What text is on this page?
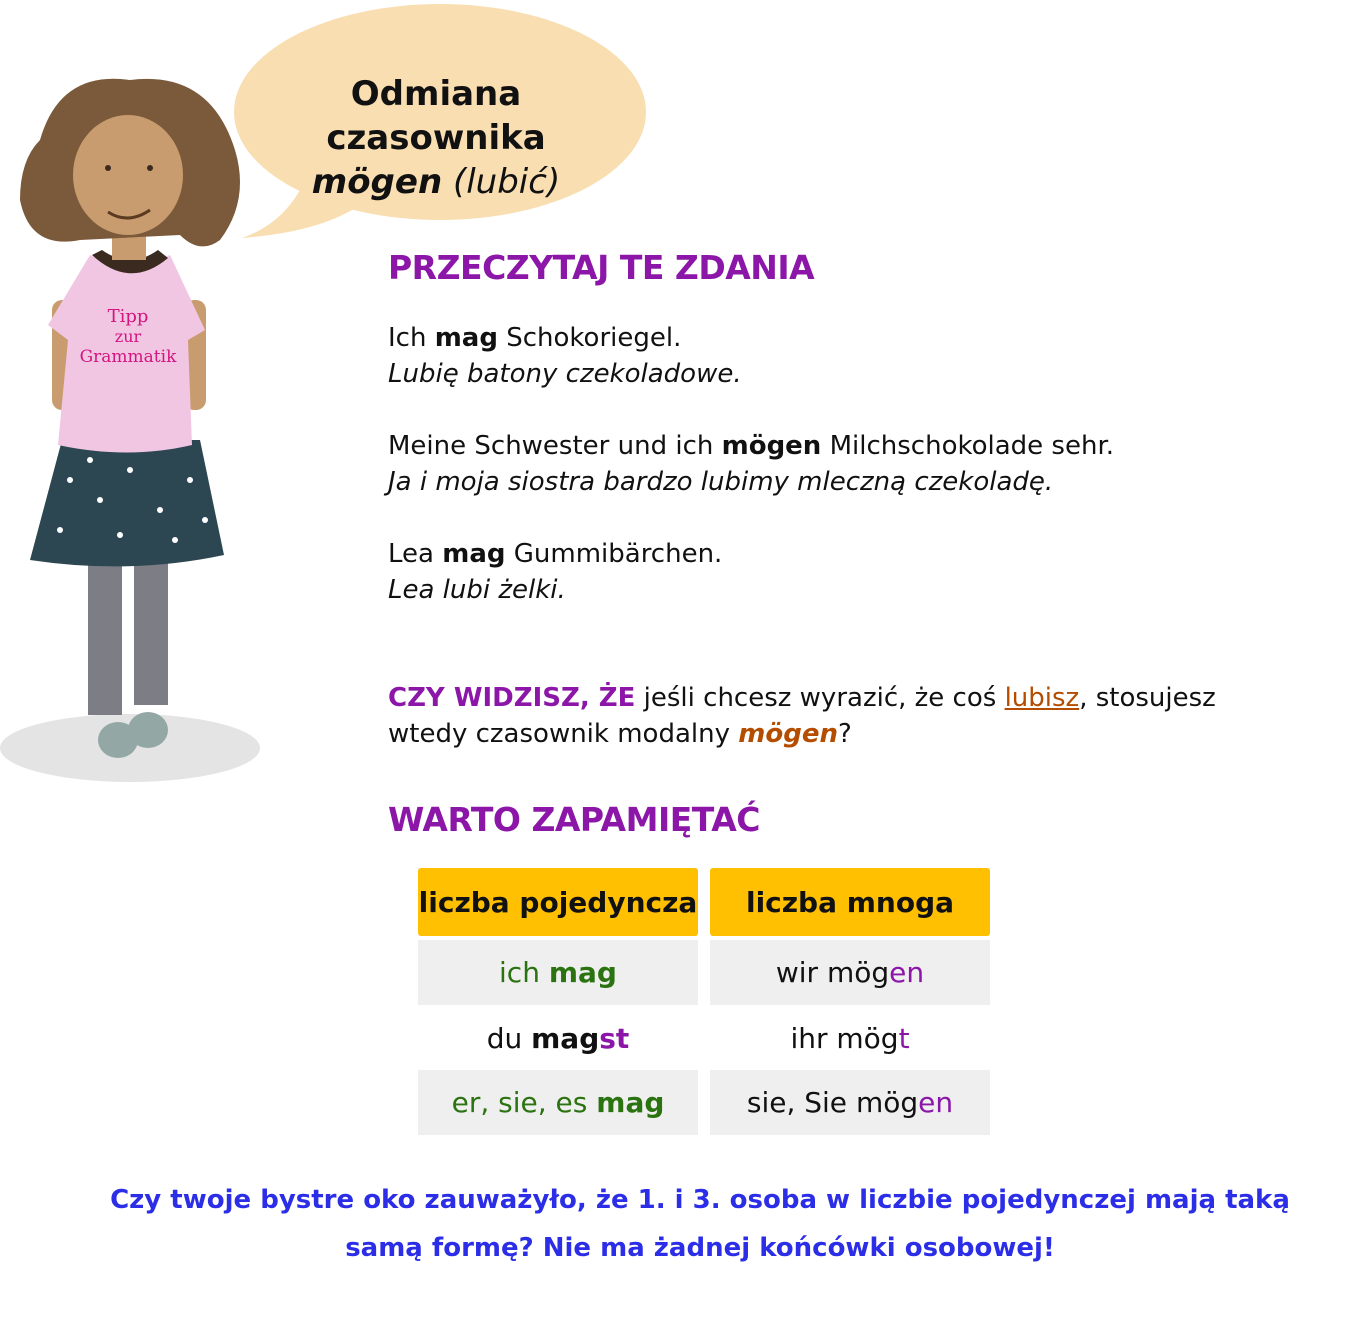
Odmiana czasownika
mögen (lubić)
Tipp
zur
Grammatik
PRZECZYTAJ TE ZDANIA
Ich mag Schokoriegel.
Lubię batony czekoladowe.
Meine Schwester und ich mögen Milchschokolade sehr.
Ja i moja siostra bardzo lubimy mleczną czekoladę.
Lea mag Gummibärchen.
Lea lubi żelki.
CZY WIDZISZ, ŻE jeśli chcesz wyrazić, że coś lubisz, stosujesz
wtedy czasownik modalny mögen?
WARTO ZAPAMIĘTAĆ
liczba pojedyncza	liczba mnoga
ich
mag
du
mag st
er, sie, es
mag
wir
mög en
ihr
mög t
sie, Sie
mög en
Czy twoje bystre oko zauważyło, że 1. i 3. osoba w liczbie pojedynczej mają taką
samą formę? Nie ma żadnej końcówki osobowej!
